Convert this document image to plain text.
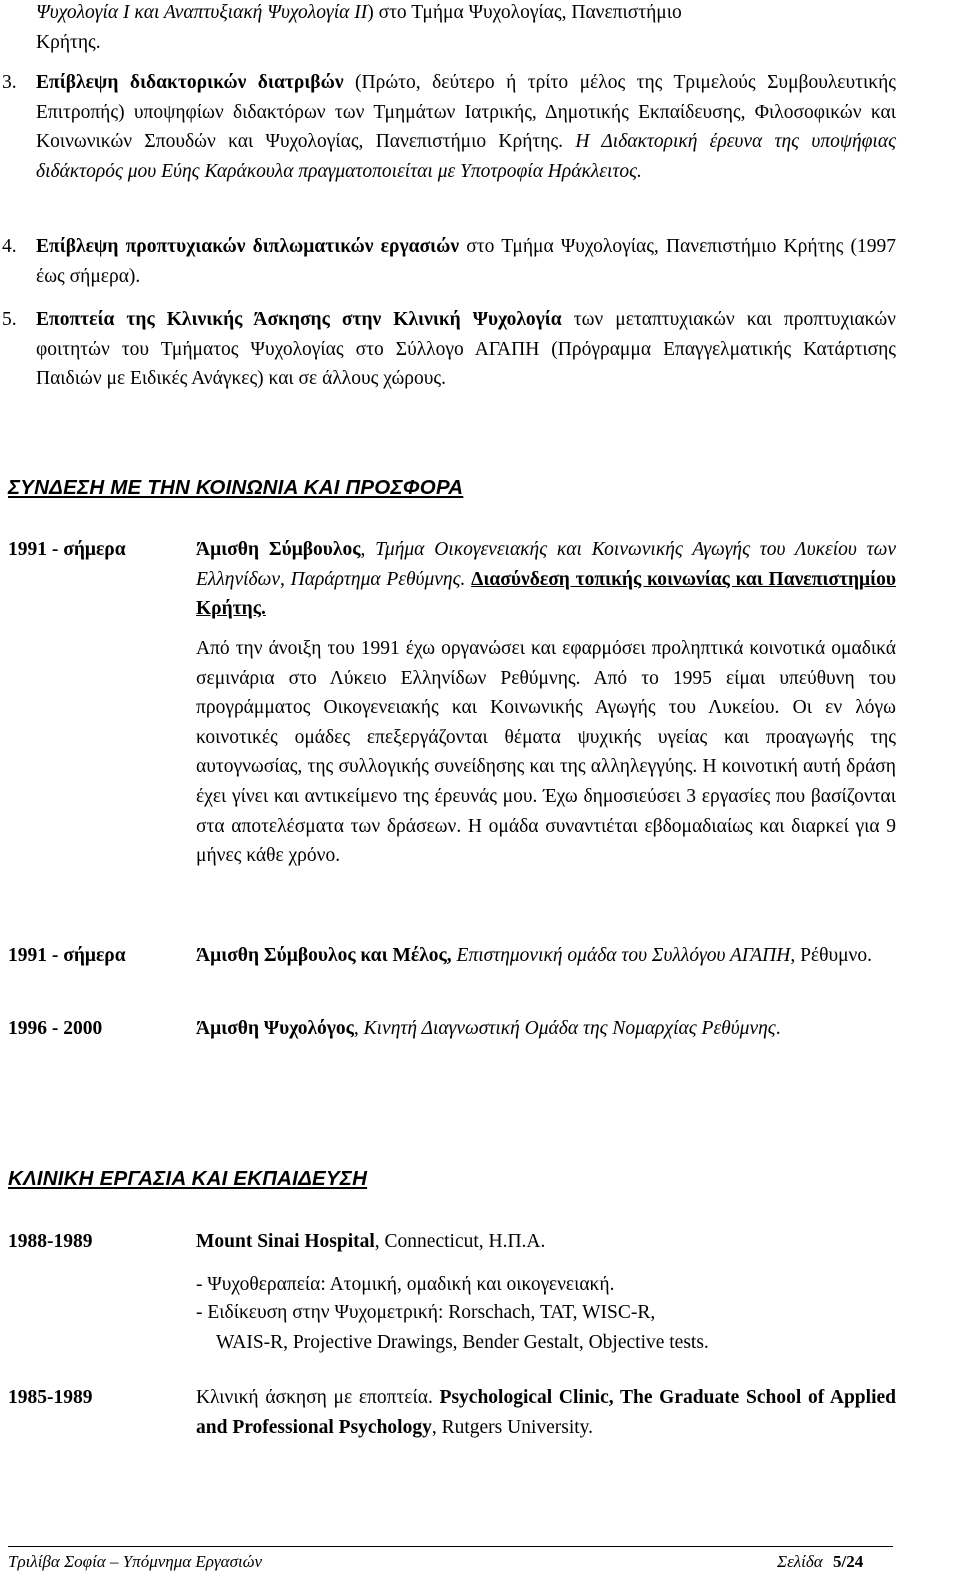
Ψυχολογία Ι και Αναπτυξιακή Ψυχολογία ΙΙ) στο Τμήμα Ψυχολογίας, Πανεπιστήμιο
Κρήτης.
3. Επίβλεψη διδακτορικών διατριβών (Πρώτο, δεύτερο ή τρίτο μέλος της Τριμελούς Συμβουλευτικής Επιτροπής) υποψηφίων διδακτόρων των Τμημάτων Ιατρικής, Δημοτικής Εκπαίδευσης, Φιλοσοφικών και Κοινωνικών Σπουδών και Ψυχολογίας, Πανεπιστήμιο Κρήτης. Η Διδακτορική έρευνα της υποψήφιας διδάκτορός μου Εύης Καράκουλα πραγματοποιείται με Υποτροφία Ηράκλειτος.
4. Επίβλεψη προπτυχιακών διπλωματικών εργασιών στο Τμήμα Ψυχολογίας, Πανεπιστήμιο Κρήτης (1997 έως σήμερα).
5. Εποπτεία της Κλινικής Άσκησης στην Κλινική Ψυχολογία των μεταπτυχιακών και προπτυχιακών φοιτητών του Τμήματος Ψυχολογίας στο Σύλλογο ΑΓΑΠΗ (Πρόγραμμα Επαγγελματικής Κατάρτισης Παιδιών με Ειδικές Ανάγκες) και σε άλλους χώρους.
ΣΥΝΔΕΣΗ ΜΕ ΤΗΝ ΚΟΙΝΩΝΙΑ ΚΑΙ ΠΡΟΣΦΟΡΑ
1991 - σήμερα	Άμισθη Σύμβουλος, Τμήμα Οικογενειακής και Κοινωνικής Αγωγής του Λυκείου των Ελληνίδων, Παράρτημα Ρεθύμνης. Διασύνδεση τοπικής κοινωνίας και Πανεπιστημίου Κρήτης.
Από την άνοιξη του 1991 έχω οργανώσει και εφαρμόσει προληπτικά κοινοτικά ομαδικά σεμινάρια στο Λύκειο Ελληνίδων Ρεθύμνης. Από το 1995 είμαι υπεύθυνη του προγράμματος Οικογενειακής και Κοινωνικής Αγωγής του Λυκείου. Οι εν λόγω κοινοτικές ομάδες επεξεργάζονται θέματα ψυχικής υγείας και προαγωγής της αυτογνωσίας, της συλλογικής συνείδησης και της αλληλεγγύης. Η κοινοτική αυτή δράση έχει γίνει και αντικείμενο της έρευνάς μου. Έχω δημοσιεύσει 3 εργασίες που βασίζονται στα αποτελέσματα των δράσεων. Η ομάδα συναντιέται εβδομαδιαίως και διαρκεί για 9 μήνες κάθε χρόνο.
1991 - σήμερα	Άμισθη Σύμβουλος και Μέλος, Επιστημονική ομάδα του Συλλόγου ΑΓΑΠΗ, Ρέθυμνο.
1996 - 2000	Άμισθη Ψυχολόγος, Κινητή Διαγνωστική Ομάδα της Νομαρχίας Ρεθύμνης.
ΚΛΙΝΙΚΗ ΕΡΓΑΣΙΑ ΚΑΙ ΕΚΠΑΙΔΕΥΣΗ
1988-1989	Mount Sinai Hospital, Connecticut, Η.Π.Α.
- Ψυχοθεραπεία: Ατομική, ομαδική και οικογενειακή.
- Ειδίκευση στην Ψυχομετρική: Rorschach, TAT, WISC-R,
WAIS-R, Projective Drawings, Bender Gestalt, Objective tests.
1985-1989	Κλινική άσκηση με εποπτεία. Psychological Clinic, The Graduate School of Applied and Professional Psychology, Rutgers University.
Τριλίβα Σοφία – Υπόμνημα Εργασιών	Σελίδα 5/24
